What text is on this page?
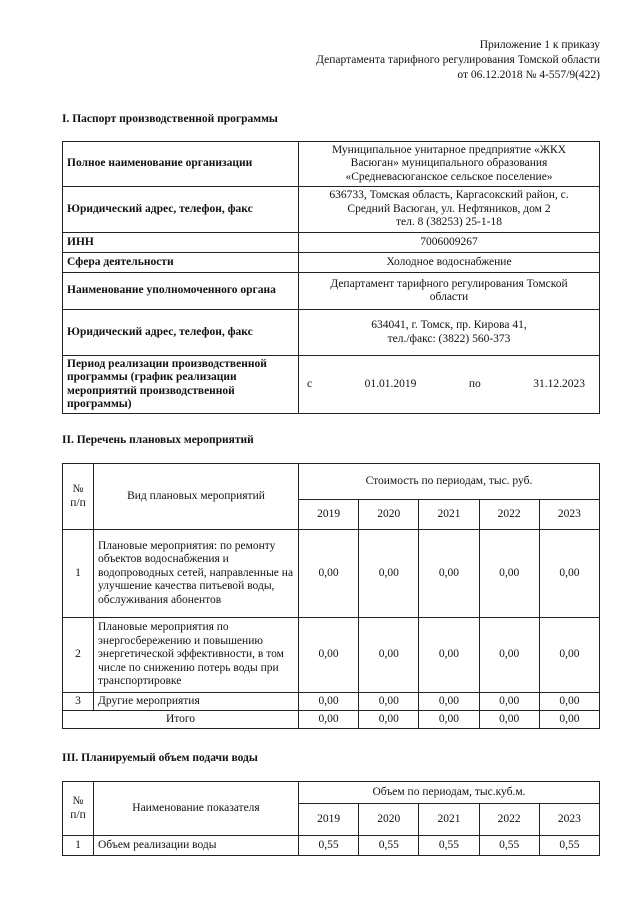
Приложение 1 к приказу
Департамента тарифного регулирования Томской области
от 06.12.2018 № 4-557/9(422)
I. Паспорт производственной программы
Полное наименование организации	Муниципальное унитарное предприятие «ЖКХ
Васюган» муниципального образования
«Средневасюганское сельское поселение»

Юридический адрес, телефон, факс	636733, Томская область, Каргасокский район, с.
Средний Васюган, ул. Нефтяников, дом 2
тел. 8 (38253) 25-1-18

ИНН	7006009267
Сфера деятельности	Холодное водоснабжение
Наименование уполномоченного органа	Департамент тарифного регулирования Томской
области

Юридический адрес, телефон, факс	634041, г. Томск, пр. Кирова 41,
тел./факс: (3822) 560-373

Период реализации производственной программы (график реализации мероприятий производственной программы)	с 01.01.2019 по 31.12.2023
II. Перечень плановых мероприятий
№ п/п	Вид плановых мероприятий	Стоимость по периодам, тыс. руб.				
		2019	2020	2021	2022	2023
1	Плановые мероприятия: по ремонту объектов водоснабжения и водопроводных сетей, направленные на улучшение качества питьевой воды, обслуживания абонентов	0,00	0,00	0,00	0,00	0,00
2	Плановые мероприятия по энергосбережению и повышению энергетической эффективности, в том числе по снижению потерь воды при транспортировке	0,00	0,00	0,00	0,00	0,00
3	Другие мероприятия	0,00	0,00	0,00	0,00	0,00
Итого		0,00	0,00	0,00	0,00	0,00
III. Планируемый объем подачи воды
№ п/п	Наименование показателя	Объем по периодам, тыс.куб.м.				
		2019	2020	2021	2022	2023
1	Объем реализации воды	0,55	0,55	0,55	0,55	0,55
